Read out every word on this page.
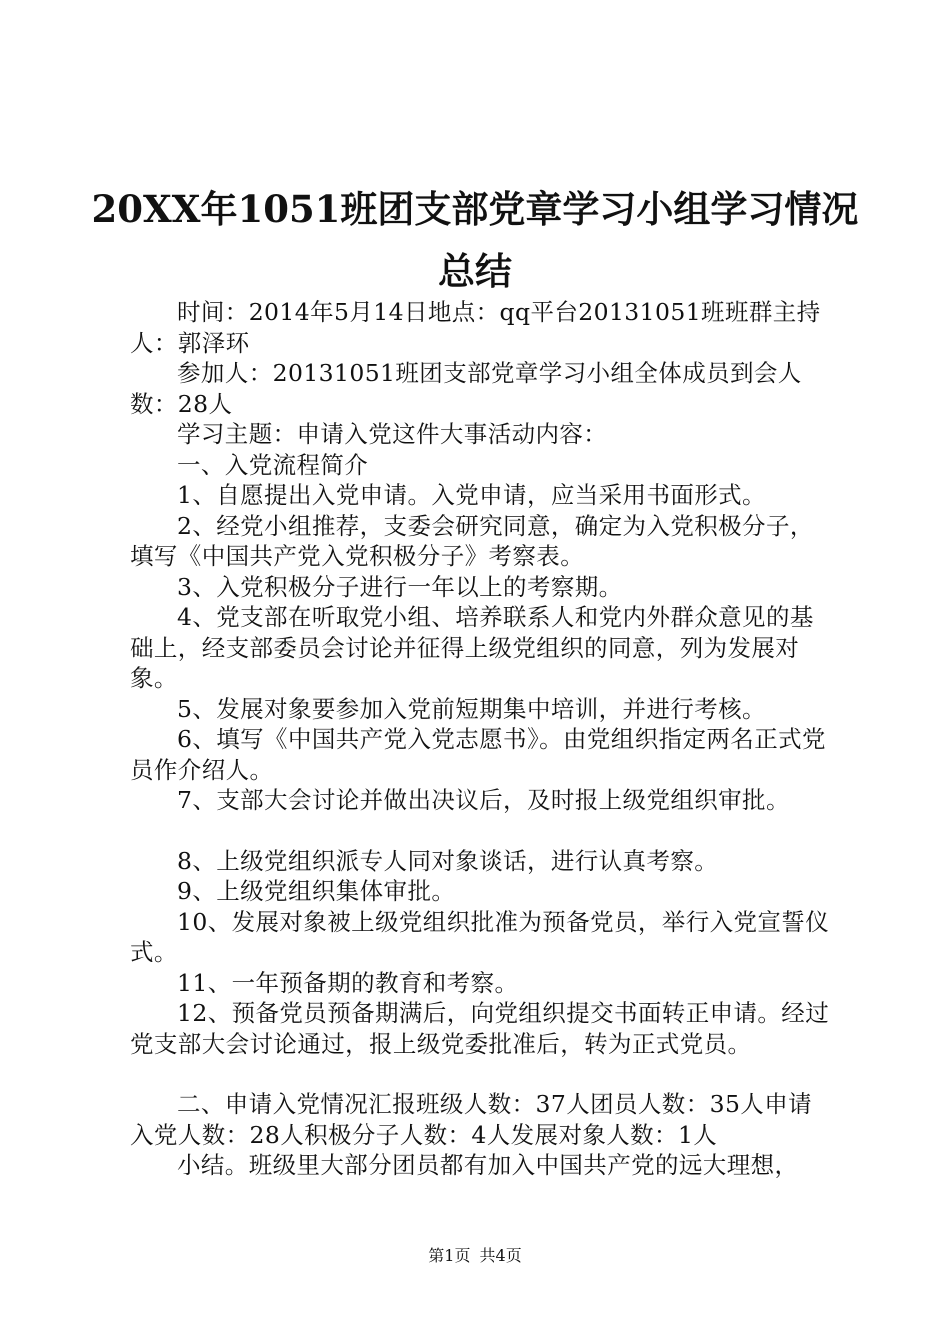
20XX年1051班团支部党章学习小组学习情况总结

时间：2014年5月14日地点：qq平台20131051班班群主持人：郭泽环

参加人：20131051班团支部党章学习小组全体成员到会人数：28人

学习主题：申请入党这件大事活动内容：

一、入党流程简介

1、自愿提出入党申请。入党申请，应当采用书面形式。

2、经党小组推荐，支委会研究同意，确定为入党积极分子，填写《中国共产党入党积极分子》考察表。

3、入党积极分子进行一年以上的考察期。

4、党支部在听取党小组、培养联系人和党内外群众意见的基础上，经支部委员会讨论并征得上级党组织的同意，列为发展对象。

5、发展对象要参加入党前短期集中培训，并进行考核。

6、填写《中国共产党入党志愿书》。由党组织指定两名正式党员作介绍人。

7、支部大会讨论并做出决议后，及时报上级党组织审批。

8、上级党组织派专人同对象谈话，进行认真考察。

9、上级党组织集体审批。

10、发展对象被上级党组织批准为预备党员，举行入党宣誓仪式。

11、一年预备期的教育和考察。

12、预备党员预备期满后，向党组织提交书面转正申请。经过党支部大会讨论通过，报上级党委批准后，转为正式党员。

二、申请入党情况汇报班级人数：37人团员人数：35人申请入党人数：28人积极分子人数：4人发展对象人数：1人

小结。班级里大部分团员都有加入中国共产党的远大理想，

第1页 共4页
